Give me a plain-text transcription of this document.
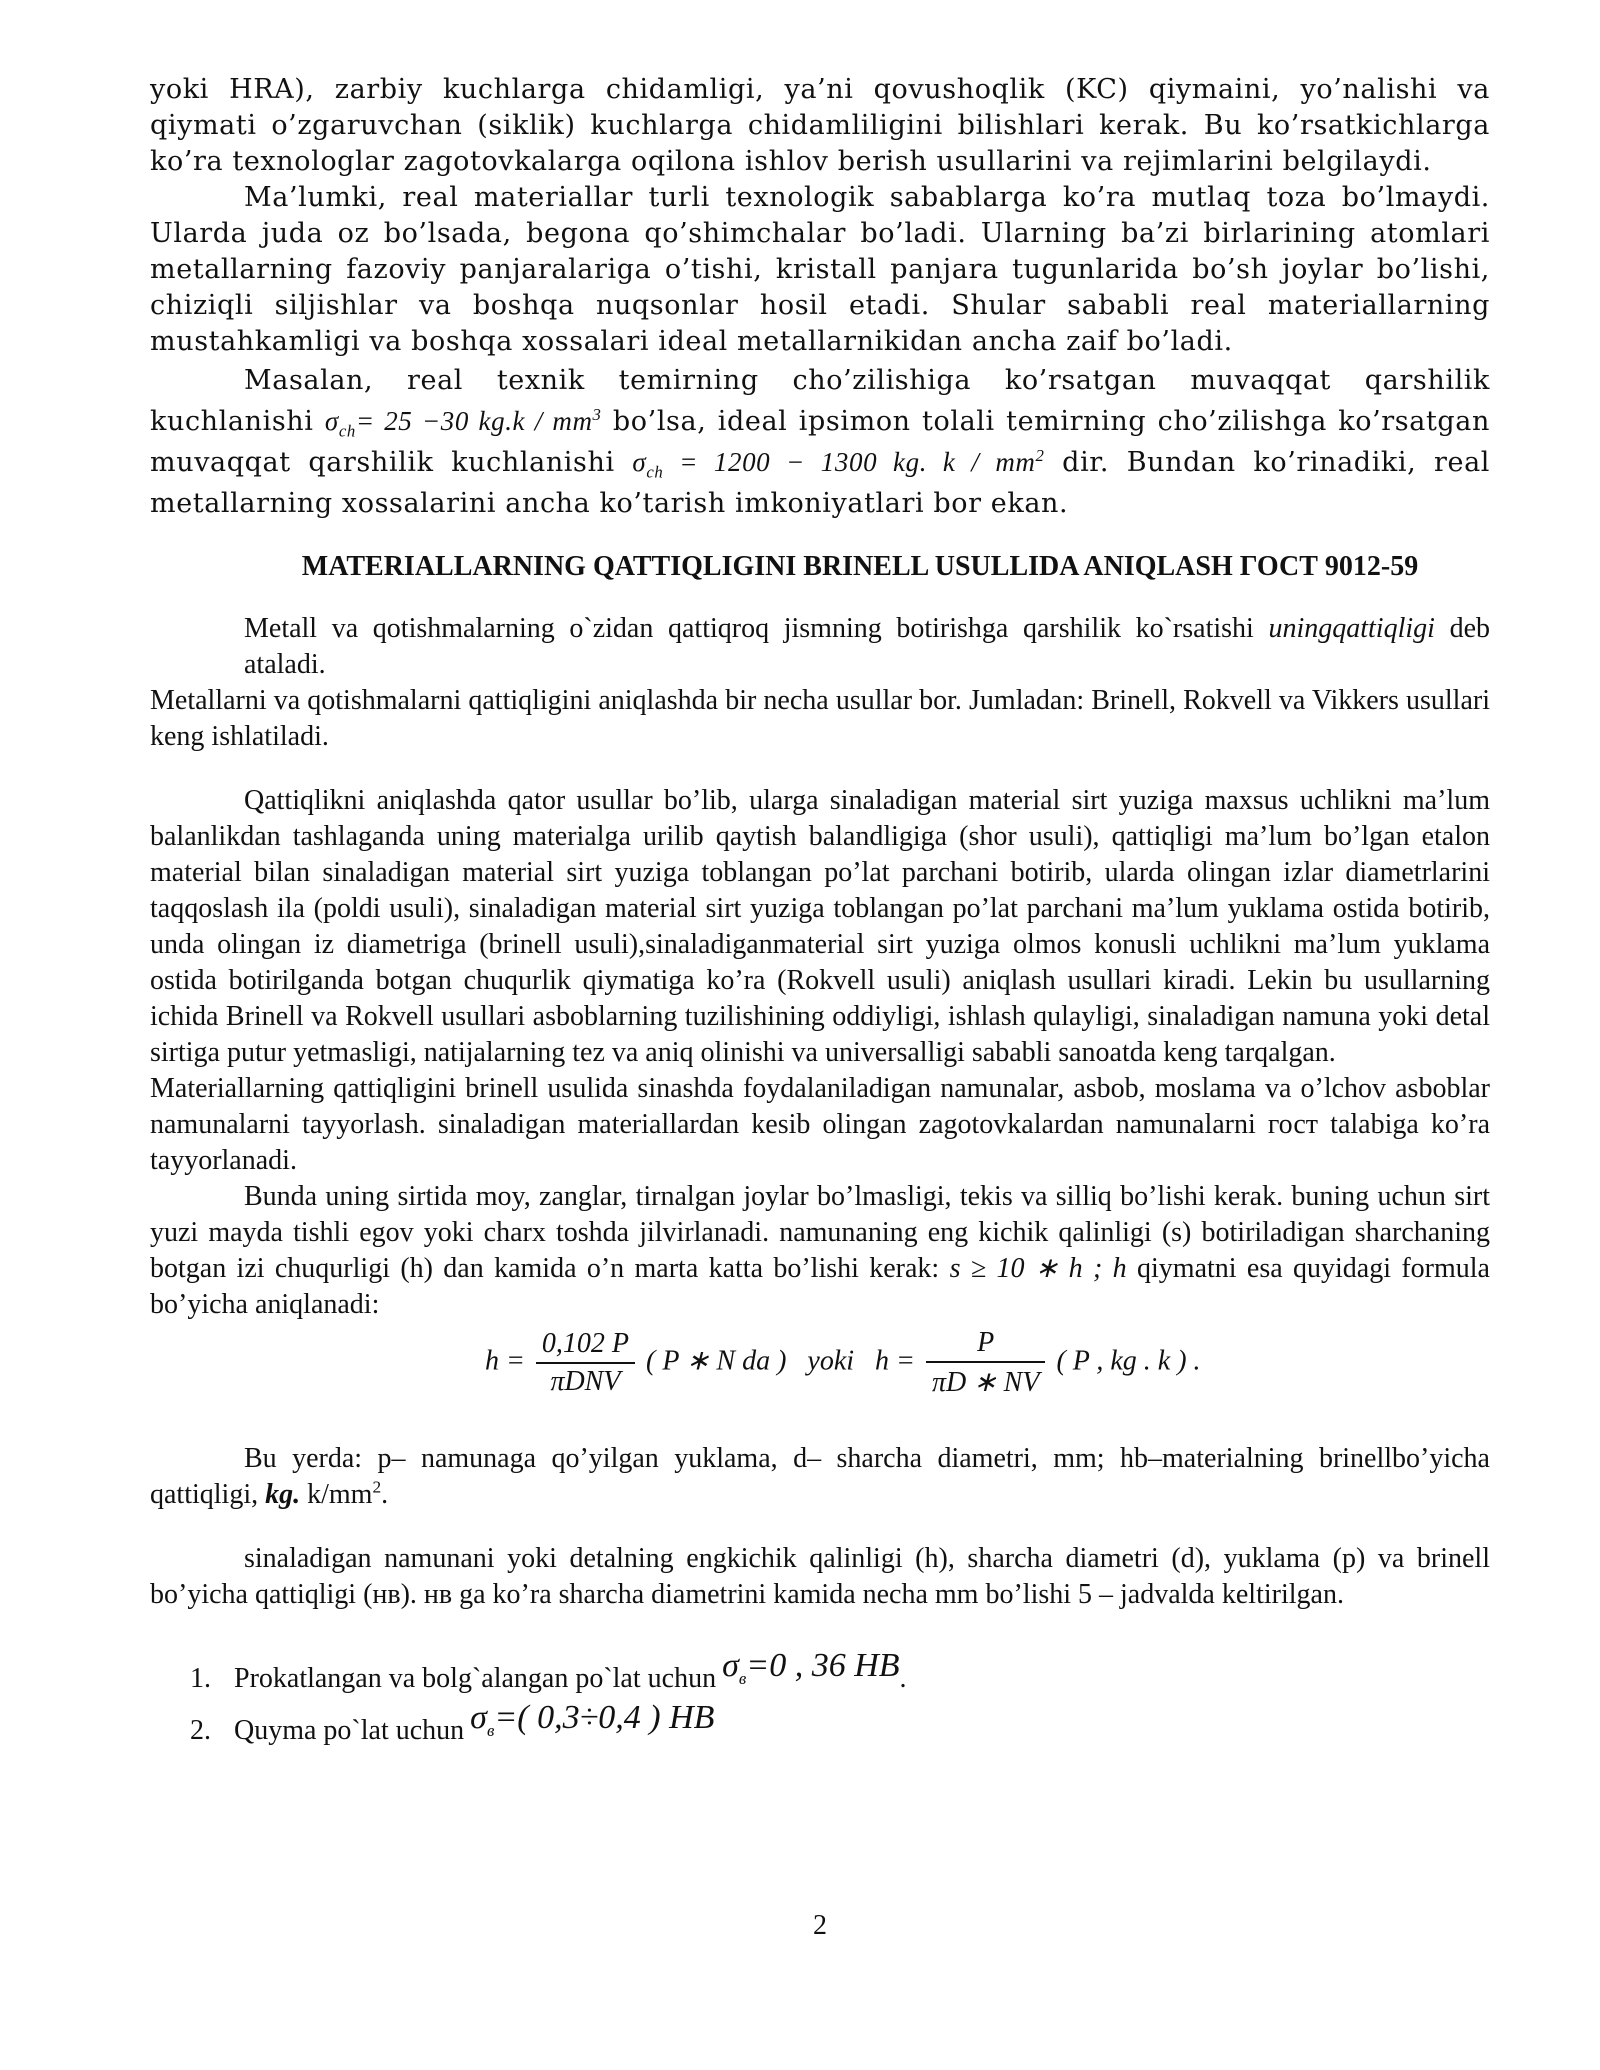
yoki HRA), zarbiy kuchlarga chidamligi, ya’ni qovushoqlik (KC) qiymaini, yo’nalishi va qiymati o’zgaruvchan (siklik) kuchlarga chidamliligini bilishlari kerak. Bu ko’rsatkichlarga ko’ra texnologlar zagotovkalarga oqilona ishlov berish usullarini va rejimlarini belgilaydi.

Ma’lumki, real materiallar turli texnologik sabablarga ko’ra mutlaq toza bo’lmaydi. Ularda juda oz bo’lsada, begona qo’shimchalar bo’ladi. Ularning ba’zi birlarining atomlari metallarning fazoviy panjaralariga o’tishi, kristall panjara tugunlarida bo’sh joylar bo’lishi, chiziqli siljishlar va boshqa nuqsonlar hosil etadi. Shular sababli real materiallarning mustahkamligi va boshqa xossalari ideal metallarnikidan ancha zaif bo’ladi.

Masalan, real texnik temirning cho’zilishiga ko’rsatgan muvaqqat qarshilik kuchlanishi $\sigma_{ch}= 25 -30$ $kg.k / mm^3$ bo’lsa, ideal ipsimon tolali temirning cho’zilishga ko’rsatgan muvaqqat qarshilik kuchlanishi $\sigma_{ch} = 1200 - 1300$ kg. k / $mm^2$ dir. Bundan ko’rinadiki, real metallarning xossalarini ancha ko’tarish imkoniyatlari bor ekan.

MATERIALLARNING QATTIQLIGINI BRINELL USULLIDA ANIQLASH ГОСТ 9012-59

Metall va qotishmalarning o`zidan qattiqroq jismning botirishga qarshilik ko`rsatishi uningqattiqligi deb ataladi.

Metallarni va qotishmalarni qattiqligini aniqlashda bir necha usullar bor. Jumladan: Brinell, Rokvell va Vikkers usullari keng ishlatiladi.

Qattiqlikni aniqlashda qator usullar bo’lib, ularga sinaladigan material sirt yuziga maxsus uchlikni ma’lum balanlikdan tashlaganda uning materialga urilib qaytish balandligiga (shor usuli), qattiqligi ma’lum bo’lgan etalon material bilan sinaladigan material sirt yuziga toblangan po’lat parchani botirib, ularda olingan izlar diametrlarini taqqoslash ila (poldi usuli), sinaladigan material sirt yuziga toblangan po’lat parchani ma’lum yuklama ostida botirib, unda olingan iz diametriga (brinell usuli),sinaladiganmaterial sirt yuziga olmos konusli uchlikni ma’lum yuklama ostida botirilganda botgan chuqurlik qiymatiga ko’ra (Rokvell usuli) aniqlash usullari kiradi. Lekin bu usullarning ichida Brinell va Rokvell usullari asboblarning tuzilishining oddiyligi, ishlash qulayligi, sinaladigan namuna yoki detal sirtiga putur yetmasligi, natijalarning tez va aniq olinishi va universalligi sababli sanoatda keng tarqalgan.

Materiallarning qattiqligini brinell usulida sinashda foydalaniladigan namunalar, asbob, moslama va o’lchov asboblar namunalarni tayyorlash. sinaladigan materiallardan kesib olingan zagotovkalardan namunalarni гост talabiga ko’ra tayyorlanadi.

Bunda uning sirtida moy, zanglar, tirnalgan joylar bo’lmasligi, tekis va silliq bo’lishi kerak. buning uchun sirt yuzi mayda tishli egov yoki charx toshda jilvirlanadi. namunaning eng kichik qalinligi (s) botiriladigan sharchaning botgan izi chuqurligi (h) dan kamida o’n marta katta bo’lishi kerak: s ≥ 10 ∗ h ; h qiymatni esa quyidagi formula bo’yicha aniqlanadi:

$h = \frac{0,102 P}{\text{πDNV}}$ ( P ∗ N da ) yoki $h = \frac{P}{\pi D ∗ NV}$ ( P , kg . k ) .

Bu yerda: p– namunaga qo’yilgan yuklama, d– sharcha diametri, mm; hb–materialning brinellbo’yicha qattiqligi, kg. $k/mm^2$.

sinaladigan namunani yoki detalning engkichik qalinligi (h), sharcha diametri (d), yuklama (p) va brinell bo’yicha qattiqligi (нв). нв ga ko’ra sharcha diametrini kamida necha mm bo’lishi 5 – jadvalda keltirilgan.

1. Prokatlangan va bolg`alangan po`lat uchun $\sigma_в=0$ , 36 HB .
2. Quyma po`lat uchun $\sigma_в=$( 0,3÷0,4 ) HB
2
